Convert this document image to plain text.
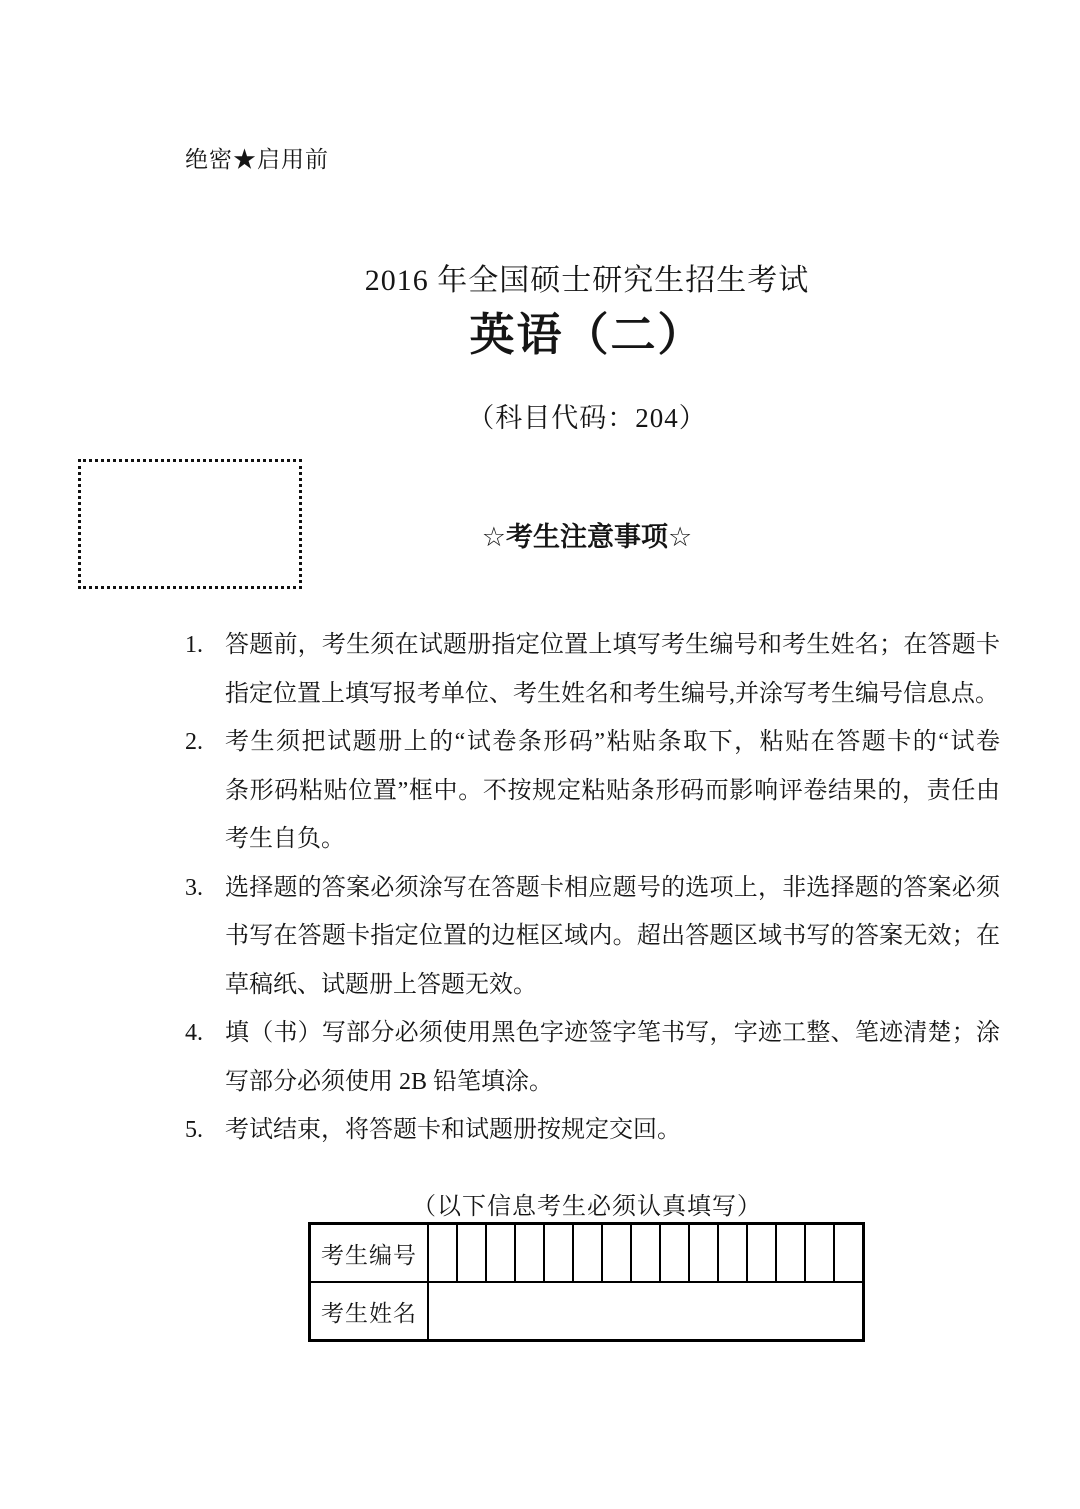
绝密★启用前
2016 年全国硕士研究生招生考试
英语（二）
（科目代码：204）
☆考生注意事项☆
1. 答题前，考生须在试题册指定位置上填写考生编号和考生姓名；在答题卡
指定位置上填写报考单位、考生姓名和考生编号,并涂写考生编号信息点。
2. 考生须把试题册上的“试卷条形码”粘贴条取下，粘贴在答题卡的“试卷
条形码粘贴位置”框中。不按规定粘贴条形码而影响评卷结果的，责任由
考生自负。
3. 选择题的答案必须涂写在答题卡相应题号的选项上，非选择题的答案必须
书写在答题卡指定位置的边框区域内。超出答题区域书写的答案无效；在
草稿纸、试题册上答题无效。
4. 填（书）写部分必须使用黑色字迹签字笔书写，字迹工整、笔迹清楚；涂
写部分必须使用 2B 铅笔填涂。
5. 考试结束，将答题卡和试题册按规定交回。
（以下信息考生必须认真填写）
考生编号															
考生姓名															
